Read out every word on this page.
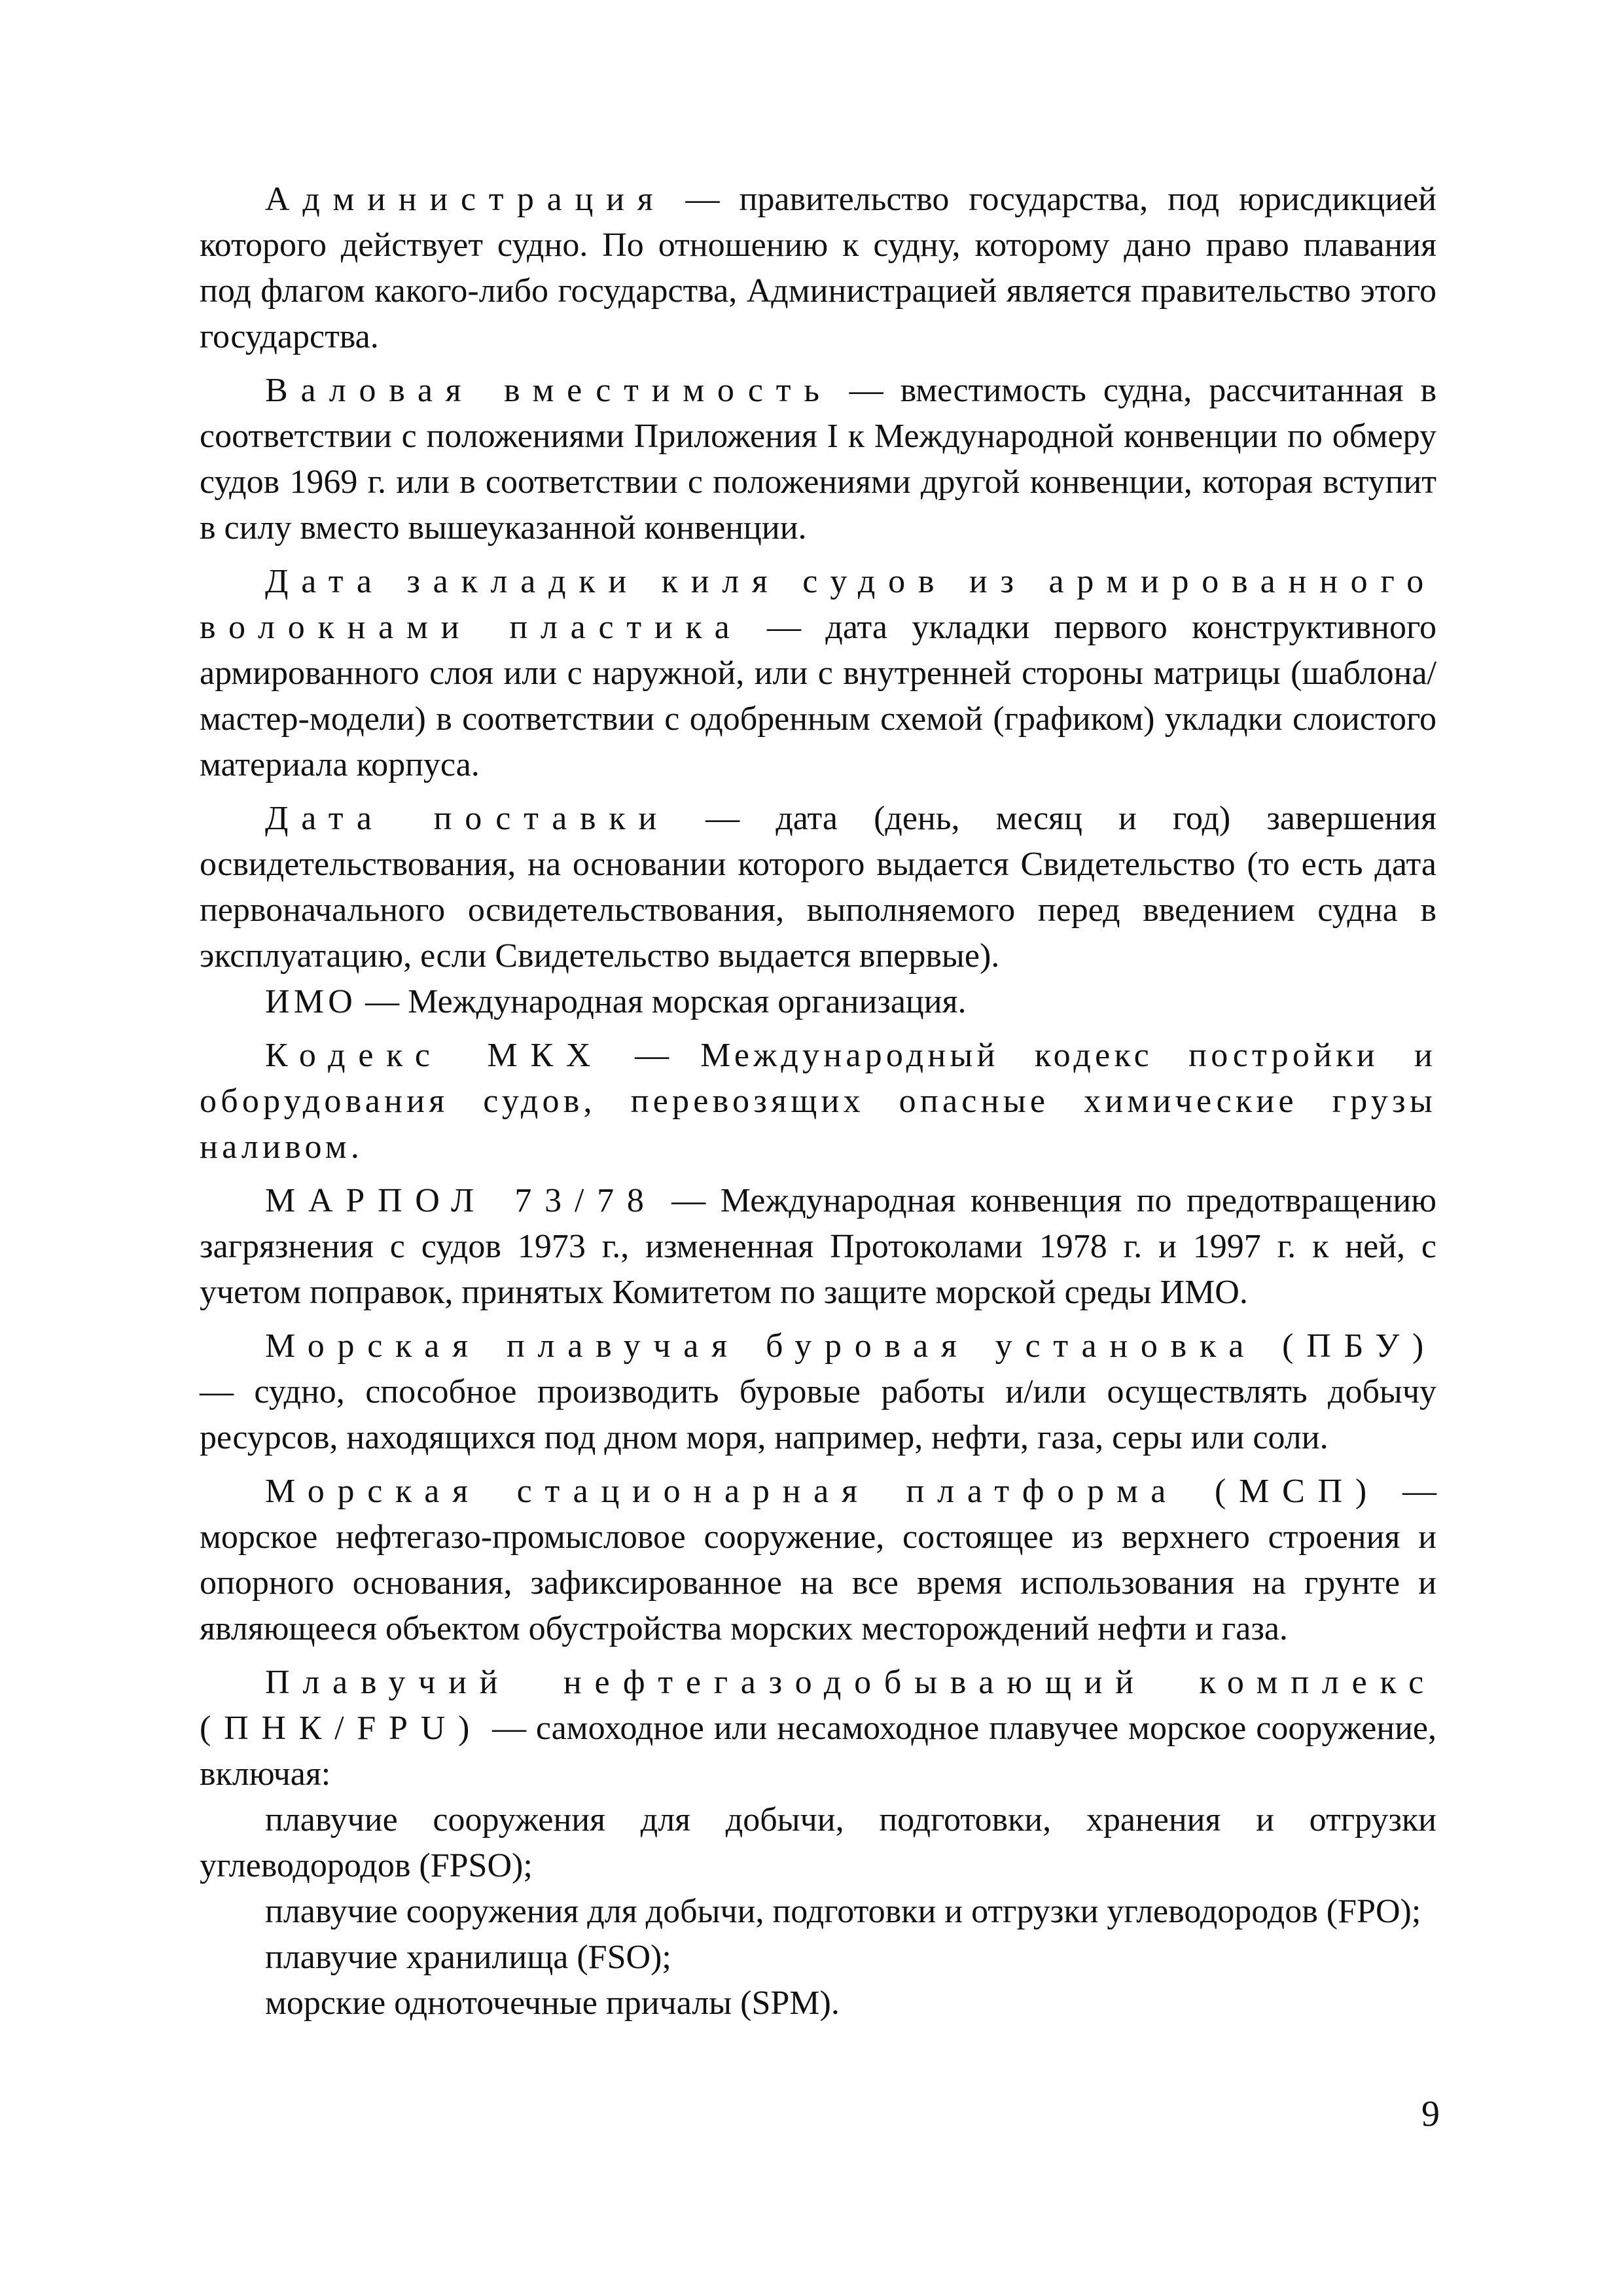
Администрация — правительство государства, под юрисдикцией которого действует судно. По отношению к судну, которому дано право плавания под флагом какого-либо государства, Администрацией является правительство этого государства.

Валовая вместимость — вместимость судна, рассчитанная в соответствии с положениями Приложения I к Международной конвенции по обмеру судов 1969 г. или в соответствии с положениями другой конвенции, которая вступит в силу вместо вышеуказанной конвенции.

Дата закладки киля судов из армированного волокнами пластика — дата укладки первого конструктивного армированного слоя или с наружной, или с внутренней стороны матрицы (шаблона/мастер-модели) в соответствии с одобренным схемой (графиком) укладки слоистого материала корпуса.

Дата поставки — дата (день, месяц и год) завершения освидетельствования, на основании которого выдается Свидетельство (то есть дата первоначального освидетельствования, выполняемого перед введением судна в эксплуатацию, если Свидетельство выдается впервые).

ИМО — Международная морская организация.

Кодекс МКХ — Международный кодекс постройки и оборудования судов, перевозящих опасные химические грузы наливом.

МАРПОЛ 73/78 — Международная конвенция по предотвращению загрязнения с судов 1973 г., измененная Протоколами 1978 г. и 1997 г. к ней, с учетом поправок, принятых Комитетом по защите морской среды ИМО.

Морская плавучая буровая установка (ПБУ) — судно, способное производить буровые работы и/или осуществлять добычу ресурсов, находящихся под дном моря, например, нефти, газа, серы или соли.

Морская стационарная платформа (МСП) — морское нефтегазо-промысловое сооружение, состоящее из верхнего строения и опорного основания, зафиксированное на все время использования на грунте и являющееся объектом обустройства морских месторождений нефти и газа.

Плавучий нефтегазодобывающий комплекс (ПНК/FPU) — самоходное или несамоходное плавучее морское сооружение, включая:

плавучие сооружения для добычи, подготовки, хранения и отгрузки углеводородов (FPSO);

плавучие сооружения для добычи, подготовки и отгрузки углеводородов (FPO);

плавучие хранилища (FSO);

морские одноточечные причалы (SPM).

9
